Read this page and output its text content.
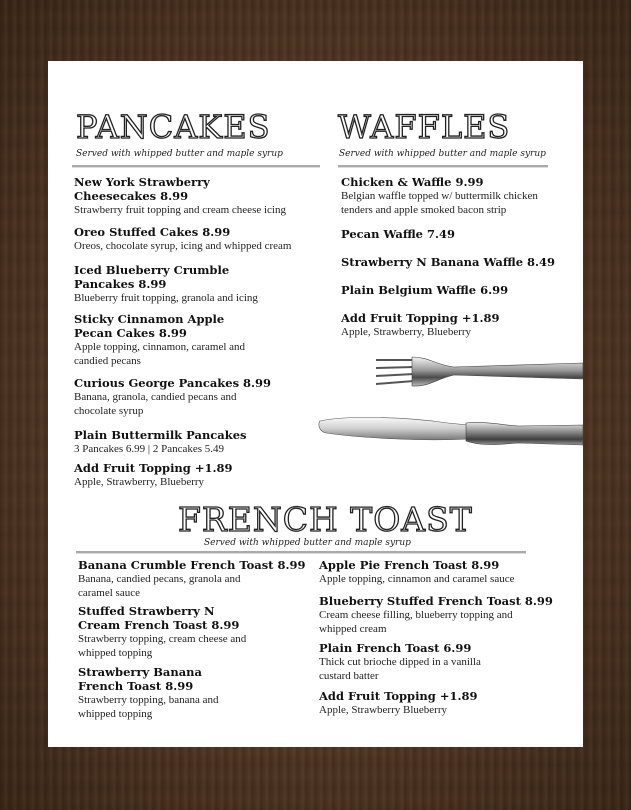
PANCAKES
Served with whipped butter and maple syrup
WAFFLES
Served with whipped butter and maple syrup
New York Strawberry
Cheesecakes 8.99
Strawberry fruit topping and cream cheese icing
Oreo Stuffed Cakes 8.99
Oreos, chocolate syrup, icing and whipped cream
Iced Blueberry Crumble
Pancakes 8.99
Blueberry fruit topping, granola and icing
Sticky Cinnamon Apple
Pecan Cakes 8.99
Apple topping, cinnamon, caramel and
candied pecans
Curious George Pancakes 8.99
Banana, granola, candied pecans and
chocolate syrup
Plain Buttermilk Pancakes
3 Pancakes 6.99 | 2 Pancakes 5.49
Add Fruit Topping +1.89
Apple, Strawberry, Blueberry
Chicken & Waffle 9.99
Belgian waffle topped w/ buttermilk chicken
tenders and apple smoked bacon strip
Pecan Waffle 7.49
Strawberry N Banana Waffle 8.49
Plain Belgium Waffle 6.99
Add Fruit Topping +1.89
Apple, Strawberry, Blueberry
FRENCH TOAST
Served with whipped butter and maple syrup
Banana Crumble French Toast 8.99
Banana, candied pecans, granola and
caramel sauce
Stuffed Strawberry N
Cream French Toast 8.99
Strawberry topping, cream cheese and
whipped topping
Strawberry Banana
French Toast 8.99
Strawberry topping, banana and
whipped topping
Apple Pie French Toast 8.99
Apple topping, cinnamon and caramel sauce
Blueberry Stuffed French Toast 8.99
Cream cheese filling, blueberry topping and
whipped cream
Plain French Toast 6.99
Thick cut brioche dipped in a vanilla
custard batter
Add Fruit Topping +1.89
Apple, Strawberry Blueberry
